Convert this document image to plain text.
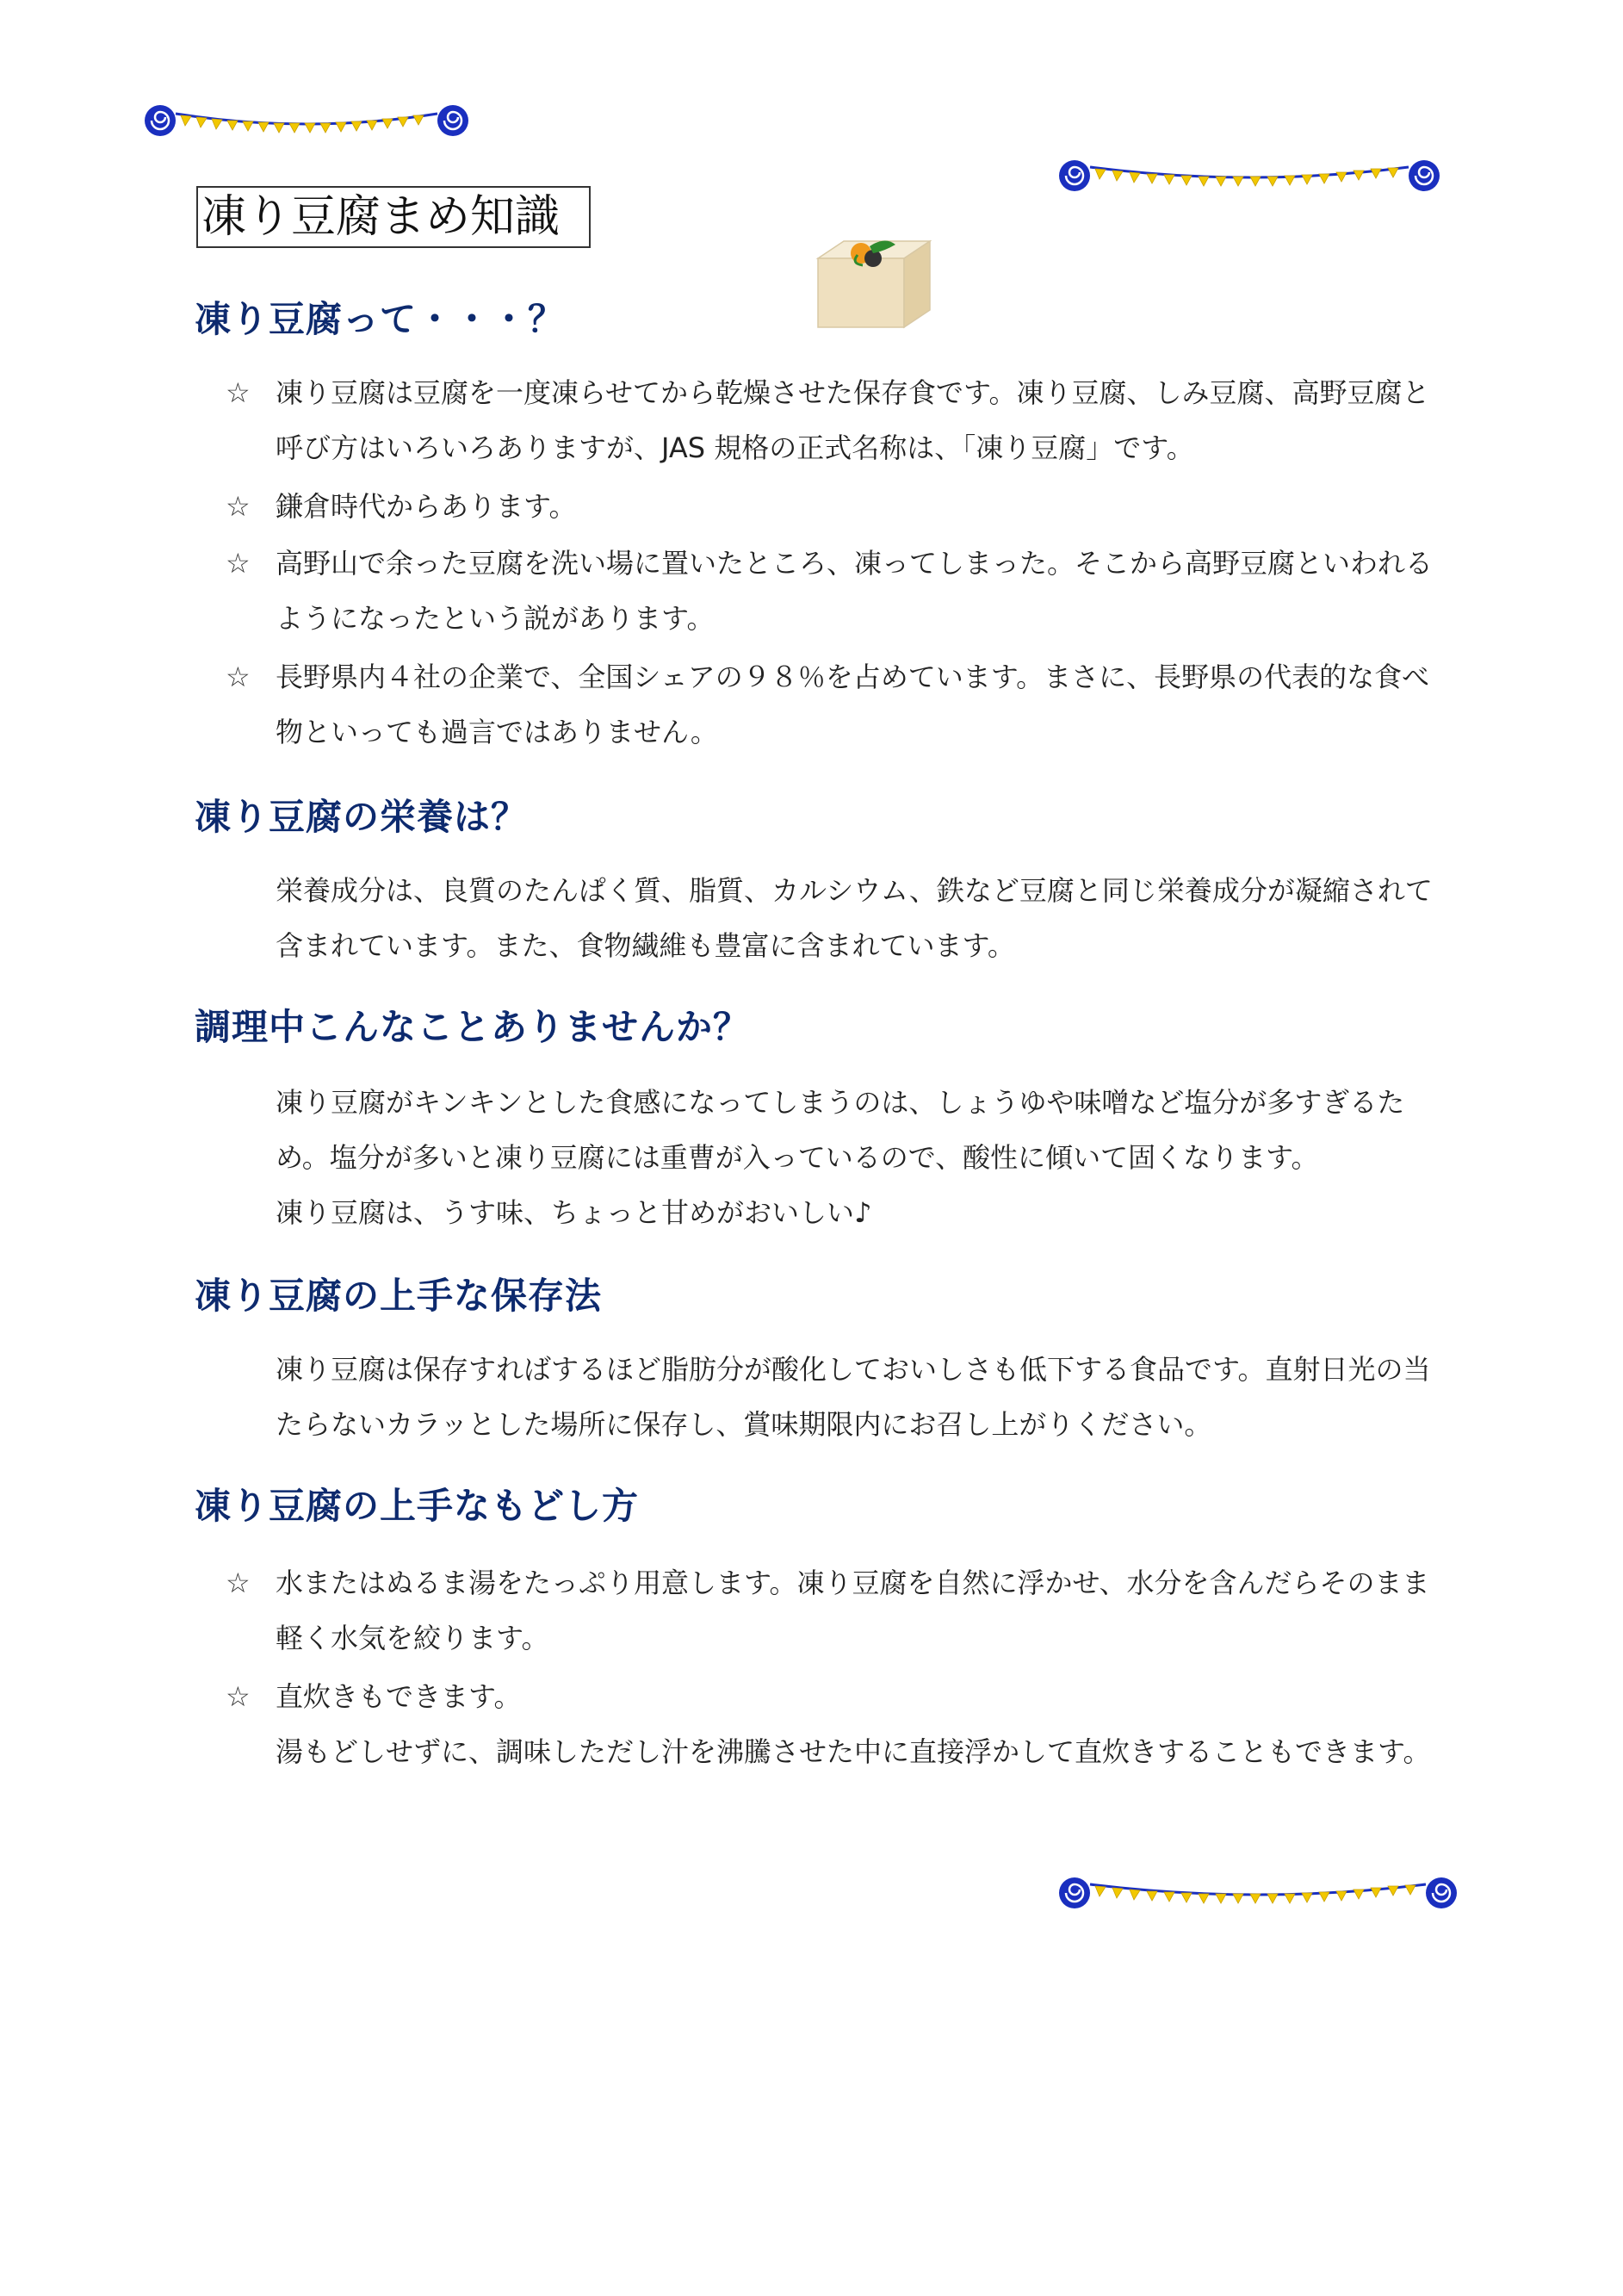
凍り豆腐まめ知識
凍り豆腐って・・・？
☆ 凍り豆腐は豆腐を一度凍らせてから乾燥させた保存食です。凍り豆腐、しみ豆腐、高野豆腐と呼び方はいろいろありますが、JAS 規格の正式名称は、「凍り豆腐」です。
☆ 鎌倉時代からあります。
☆ 高野山で余った豆腐を洗い場に置いたところ、凍ってしまった。そこから高野豆腐といわれるようになったという説があります。
☆ 長野県内４社の企業で、全国シェアの９８％を占めています。まさに、長野県の代表的な食べ物といっても過言ではありません。
凍り豆腐の栄養は？
栄養成分は、良質のたんぱく質、脂質、カルシウム、鉄など豆腐と同じ栄養成分が凝縮されて含まれています。また、食物繊維も豊富に含まれています。
調理中こんなことありませんか？
凍り豆腐がキンキンとした食感になってしまうのは、しょうゆや味噌など塩分が多すぎるため。塩分が多いと凍り豆腐には重曹が入っているので、酸性に傾いて固くなります。
凍り豆腐は、うす味、ちょっと甘めがおいしい♪
凍り豆腐の上手な保存法
凍り豆腐は保存すればするほど脂肪分が酸化しておいしさも低下する食品です。直射日光の当たらないカラッとした場所に保存し、賞味期限内にお召し上がりください。
凍り豆腐の上手なもどし方
☆ 水またはぬるま湯をたっぷり用意します。凍り豆腐を自然に浮かせ、水分を含んだらそのまま軽く水気を絞ります。
☆ 直炊きもできます。
湯もどしせずに、調味しただし汁を沸騰させた中に直接浮かして直炊きすることもできます。
